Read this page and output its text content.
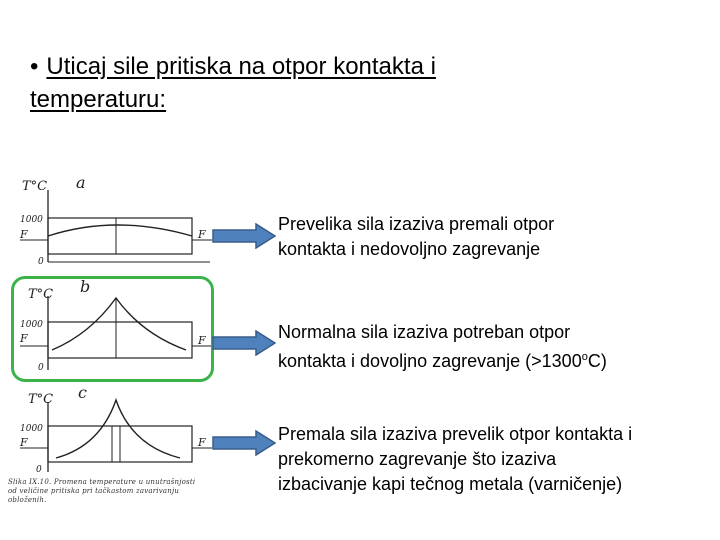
• Uticaj sile pritiska na otpor kontakta i
temperaturu:
T°C a
1000
0
F	F
T°C b
1000
0
F	F
T°C c
1000
0
F	F
Slika IX.10. Promena temperature u unutrašnjosti
od veličine pritiska pri tačkastom zavarivanju
obloženih.
Prevelika sila izaziva premali otpor
kontakta i nedovoljno zagrevanje
Normalna sila izaziva potreban otpor
kontakta i dovoljno zagrevanje $(>1300^oC)$
Premala sila izaziva prevelik otpor kontakta i
prekomerno zagrevanje što izaziva
izbacivanje kapi tečnog metala (varničenje)
